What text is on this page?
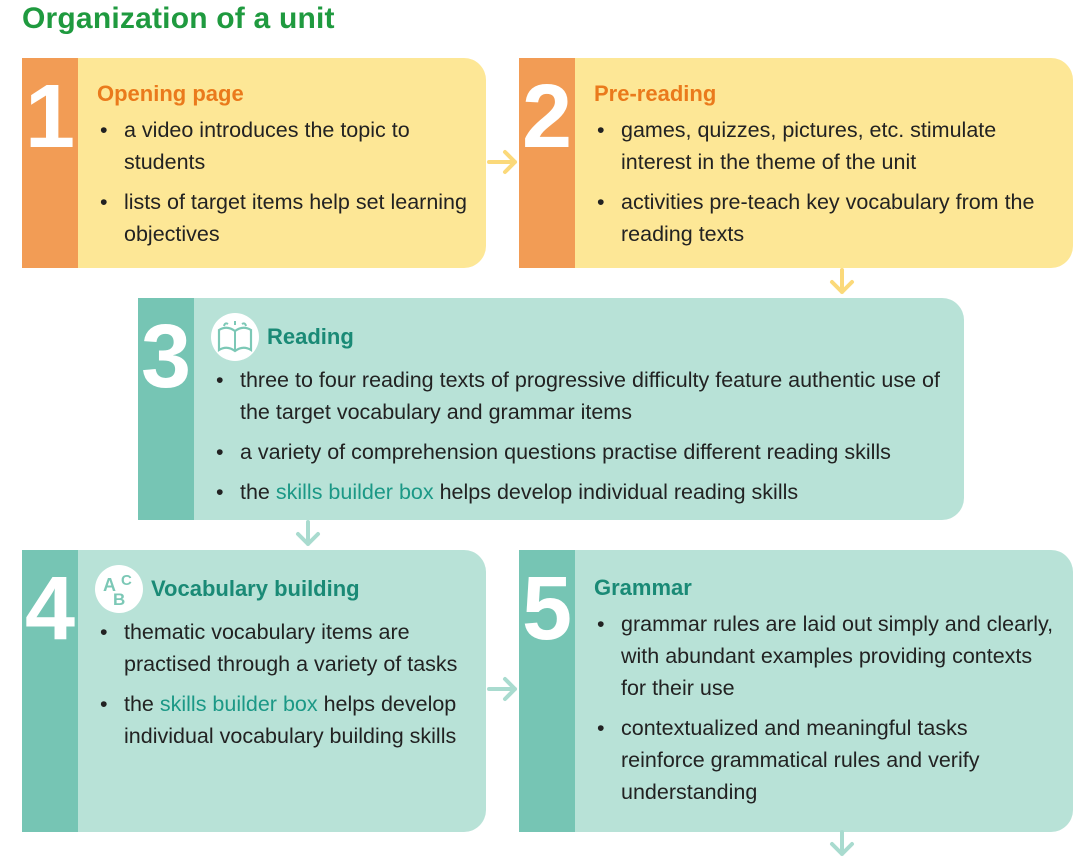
Organization of a unit
1 Opening page
• a video introduces the topic to students
• lists of target items help set learning objectives
2 Pre-reading
• games, quizzes, pictures, etc. stimulate interest in the theme of the unit
• activities pre-teach key vocabulary from the reading texts
3	Reading
• three to four reading texts of progressive difficulty feature authentic use of the target vocabulary and grammar items
• a variety of comprehension questions practise different reading skills
• the skills builder box helps develop individual reading skills
4 A C
B Vocabulary building
• thematic vocabulary items are practised through a variety of tasks
• the skills builder box helps develop individual vocabulary building skills
5 Grammar
• grammar rules are laid out simply and clearly, with abundant examples providing contexts for their use
• contextualized and meaningful tasks reinforce grammatical rules and verify understanding
